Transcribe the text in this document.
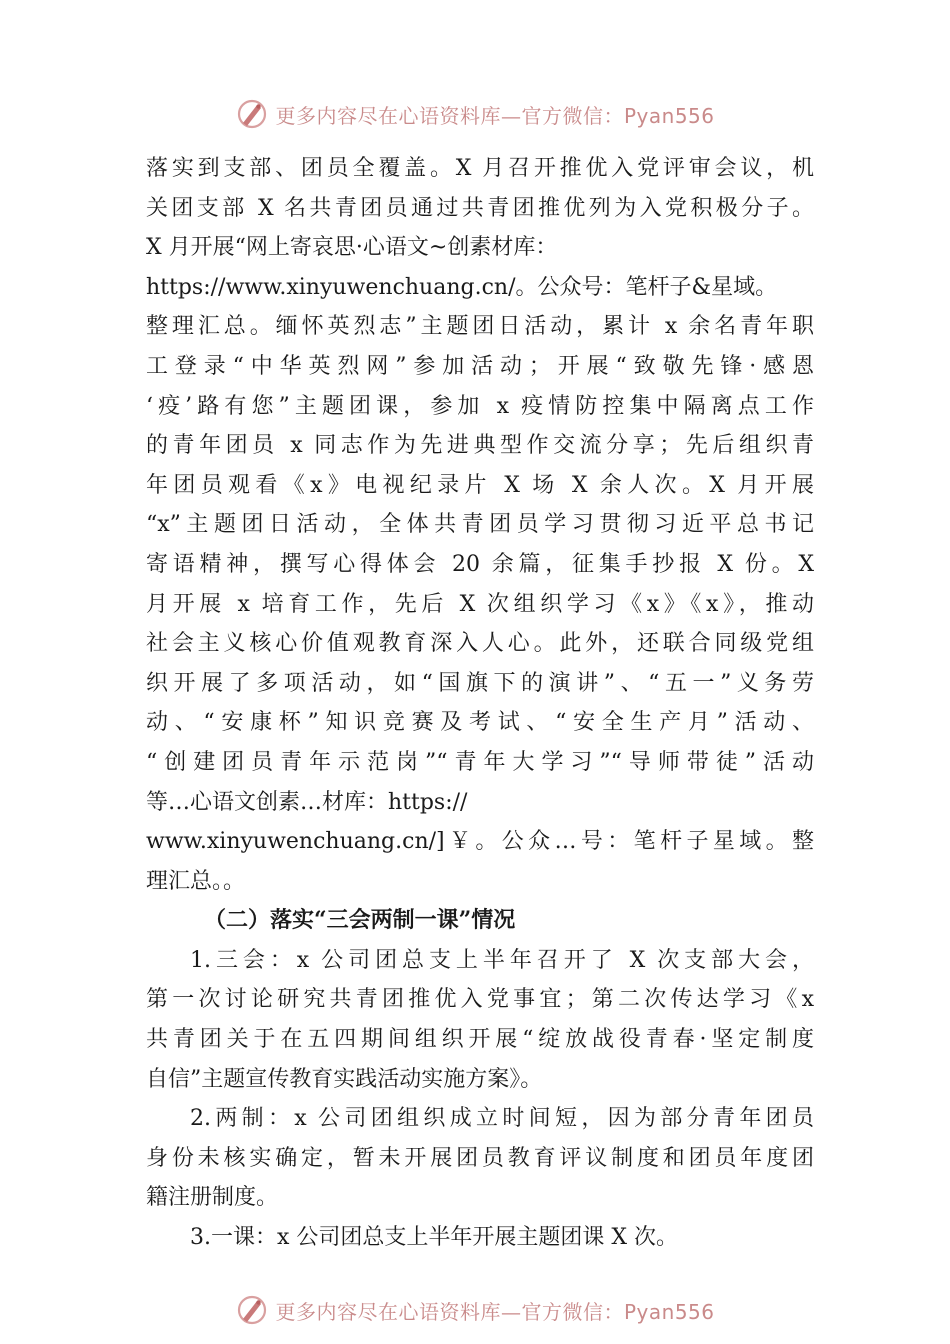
更多内容尽在心语资料库—官方微信：Pyan556
落实到支部、团员全覆盖。X 月召开推优入党评审会议，机
关团支部 X 名共青团员通过共青团推优列为入党积极分子。
X 月开展“网上寄哀思·心语文~创素材库：
https://www.xinyuwenchuang.cn/。公众号：笔杆子&星域。
整理汇总。缅怀英烈志”主题团日活动，累计 x 余名青年职
工登录“中华英烈网”参加活动；开展“致敬先锋·感恩
‘疫’路有您”主题团课，参加 x 疫情防控集中隔离点工作
的青年团员 x 同志作为先进典型作交流分享；先后组织青
年团员观看《x》电视纪录片 X 场 X 余人次。X 月开展
“x”主题团日活动，全体共青团员学习贯彻习近平总书记
寄语精神，撰写心得体会 20 余篇，征集手抄报 X 份。X
月开展 x 培育工作，先后 X 次组织学习《x》《x》，推动
社会主义核心价值观教育深入人心。此外，还联合同级党组
织开展了多项活动，如“国旗下的演讲”、“五一”义务劳
动、“安康杯”知识竞赛及考试、“安全生产月”活动、
“创建团员青年示范岗”“青年大学习”“导师带徒”活动
等…心语文创素…材库：https://
www.xinyuwenchuang.cn/]￥。公众…号：笔杆子星域。整
理汇总。。
（二）落实“三会两制一课”情况
1.三会：x 公司团总支上半年召开了 X 次支部大会，
第一次讨论研究共青团推优入党事宜；第二次传达学习《x
共青团关于在五四期间组织开展“绽放战役青春·坚定制度
自信”主题宣传教育实践活动实施方案》。
2.两制：x 公司团组织成立时间短，因为部分青年团员
身份未核实确定，暂未开展团员教育评议制度和团员年度团
籍注册制度。
3.一课：x 公司团总支上半年开展主题团课 X 次。
更多内容尽在心语资料库—官方微信：Pyan556
